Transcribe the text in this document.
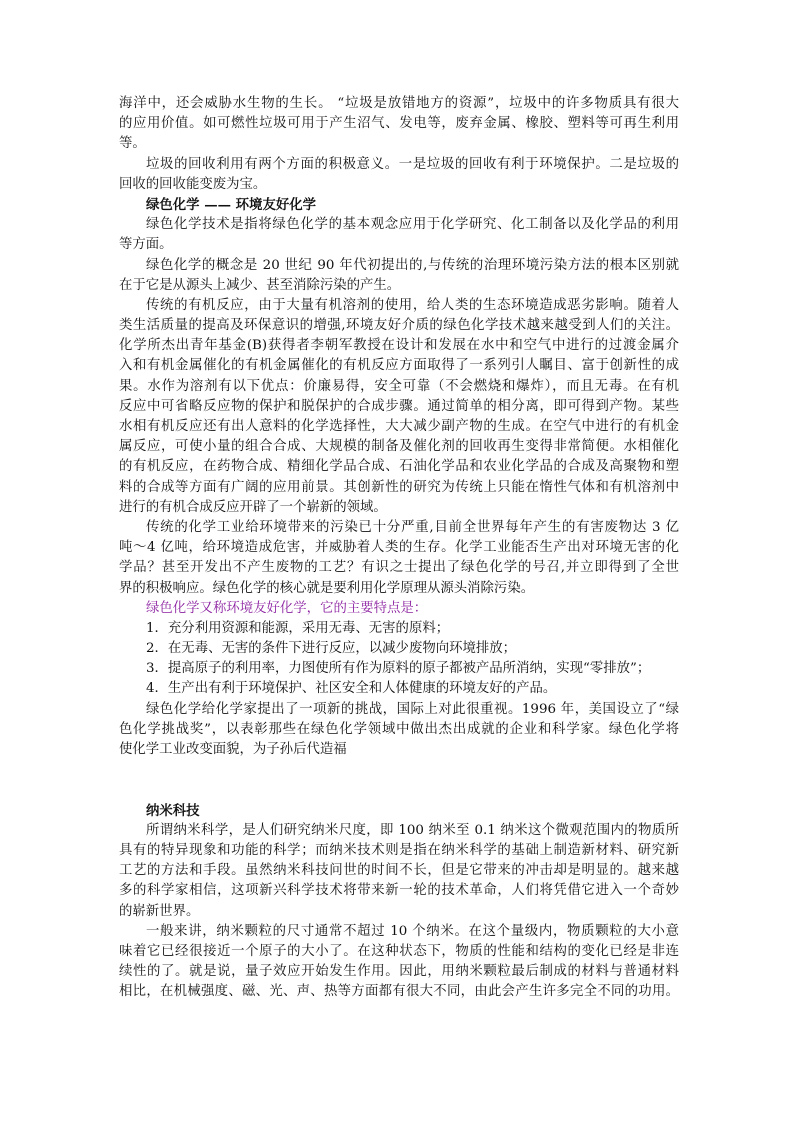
海洋中，还会威胁水生物的生长。 “垃圾是放错地方的资源”，垃圾中的许多物质具有很大
的应用价值。如可燃性垃圾可用于产生沼气、发电等，废弃金属、橡胶、塑料等可再生利用
等。
垃圾的回收利用有两个方面的积极意义。一是垃圾的回收有利于环境保护。二是垃圾的
回收的回收能变废为宝。
绿色化学 —— 环境友好化学
绿色化学技术是指将绿色化学的基本观念应用于化学研究、化工制备以及化学品的利用
等方面。
绿色化学的概念是 20 世纪 90 年代初提出的,与传统的治理环境污染方法的根本区别就
在于它是从源头上减少、甚至消除污染的产生。
传统的有机反应，由于大量有机溶剂的使用，给人类的生态环境造成恶劣影响。随着人
类生活质量的提高及环保意识的增强,环境友好介质的绿色化学技术越来越受到人们的关注。
化学所杰出青年基金(B)获得者李朝军教授在设计和发展在水中和空气中进行的过渡金属介
入和有机金属催化的有机金属催化的有机反应方面取得了一系列引人瞩目、富于创新性的成
果。水作为溶剂有以下优点：价廉易得，安全可靠（不会燃烧和爆炸），而且无毒。在有机
反应中可省略反应物的保护和脱保护的合成步骤。通过简单的相分离，即可得到产物。某些
水相有机反应还有出人意料的化学选择性，大大减少副产物的生成。在空气中进行的有机金
属反应，可使小量的组合合成、大规模的制备及催化剂的回收再生变得非常简便。水相催化
的有机反应，在药物合成、精细化学品合成、石油化学品和农业化学品的合成及高聚物和塑
料的合成等方面有广阔的应用前景。其创新性的研究为传统上只能在惰性气体和有机溶剂中
进行的有机合成反应开辟了一个崭新的领域。
传统的化学工业给环境带来的污染已十分严重,目前全世界每年产生的有害废物达 3 亿
吨～4 亿吨，给环境造成危害，并威胁着人类的生存。化学工业能否生产出对环境无害的化
学品？甚至开发出不产生废物的工艺？有识之士提出了绿色化学的号召,并立即得到了全世
界的积极响应。绿色化学的核心就是要利用化学原理从源头消除污染。
绿色化学又称环境友好化学，它的主要特点是：
1．充分利用资源和能源，采用无毒、无害的原料；
2．在无毒、无害的条件下进行反应，以减少废物向环境排放；
3．提高原子的利用率，力图使所有作为原料的原子都被产品所消纳，实现“零排放”；
4．生产出有利于环境保护、社区安全和人体健康的环境友好的产品。
绿色化学给化学家提出了一项新的挑战，国际上对此很重视。1996 年，美国设立了“绿
色化学挑战奖”，以表彰那些在绿色化学领域中做出杰出成就的企业和科学家。绿色化学将
使化学工业改变面貌，为子孙后代造福
纳米科技
所谓纳米科学，是人们研究纳米尺度，即 100 纳米至 0.1 纳米这个微观范围内的物质所
具有的特异现象和功能的科学；而纳米技术则是指在纳米科学的基础上制造新材料、研究新
工艺的方法和手段。虽然纳米科技问世的时间不长，但是它带来的冲击却是明显的。越来越
多的科学家相信，这项新兴科学技术将带来新一轮的技术革命，人们将凭借它进入一个奇妙
的崭新世界。
一般来讲，纳米颗粒的尺寸通常不超过 10 个纳米。在这个量级内，物质颗粒的大小意
味着它已经很接近一个原子的大小了。在这种状态下，物质的性能和结构的变化已经是非连
续性的了。就是说，量子效应开始发生作用。因此，用纳米颗粒最后制成的材料与普通材料
相比，在机械强度、磁、光、声、热等方面都有很大不同，由此会产生许多完全不同的功用。
